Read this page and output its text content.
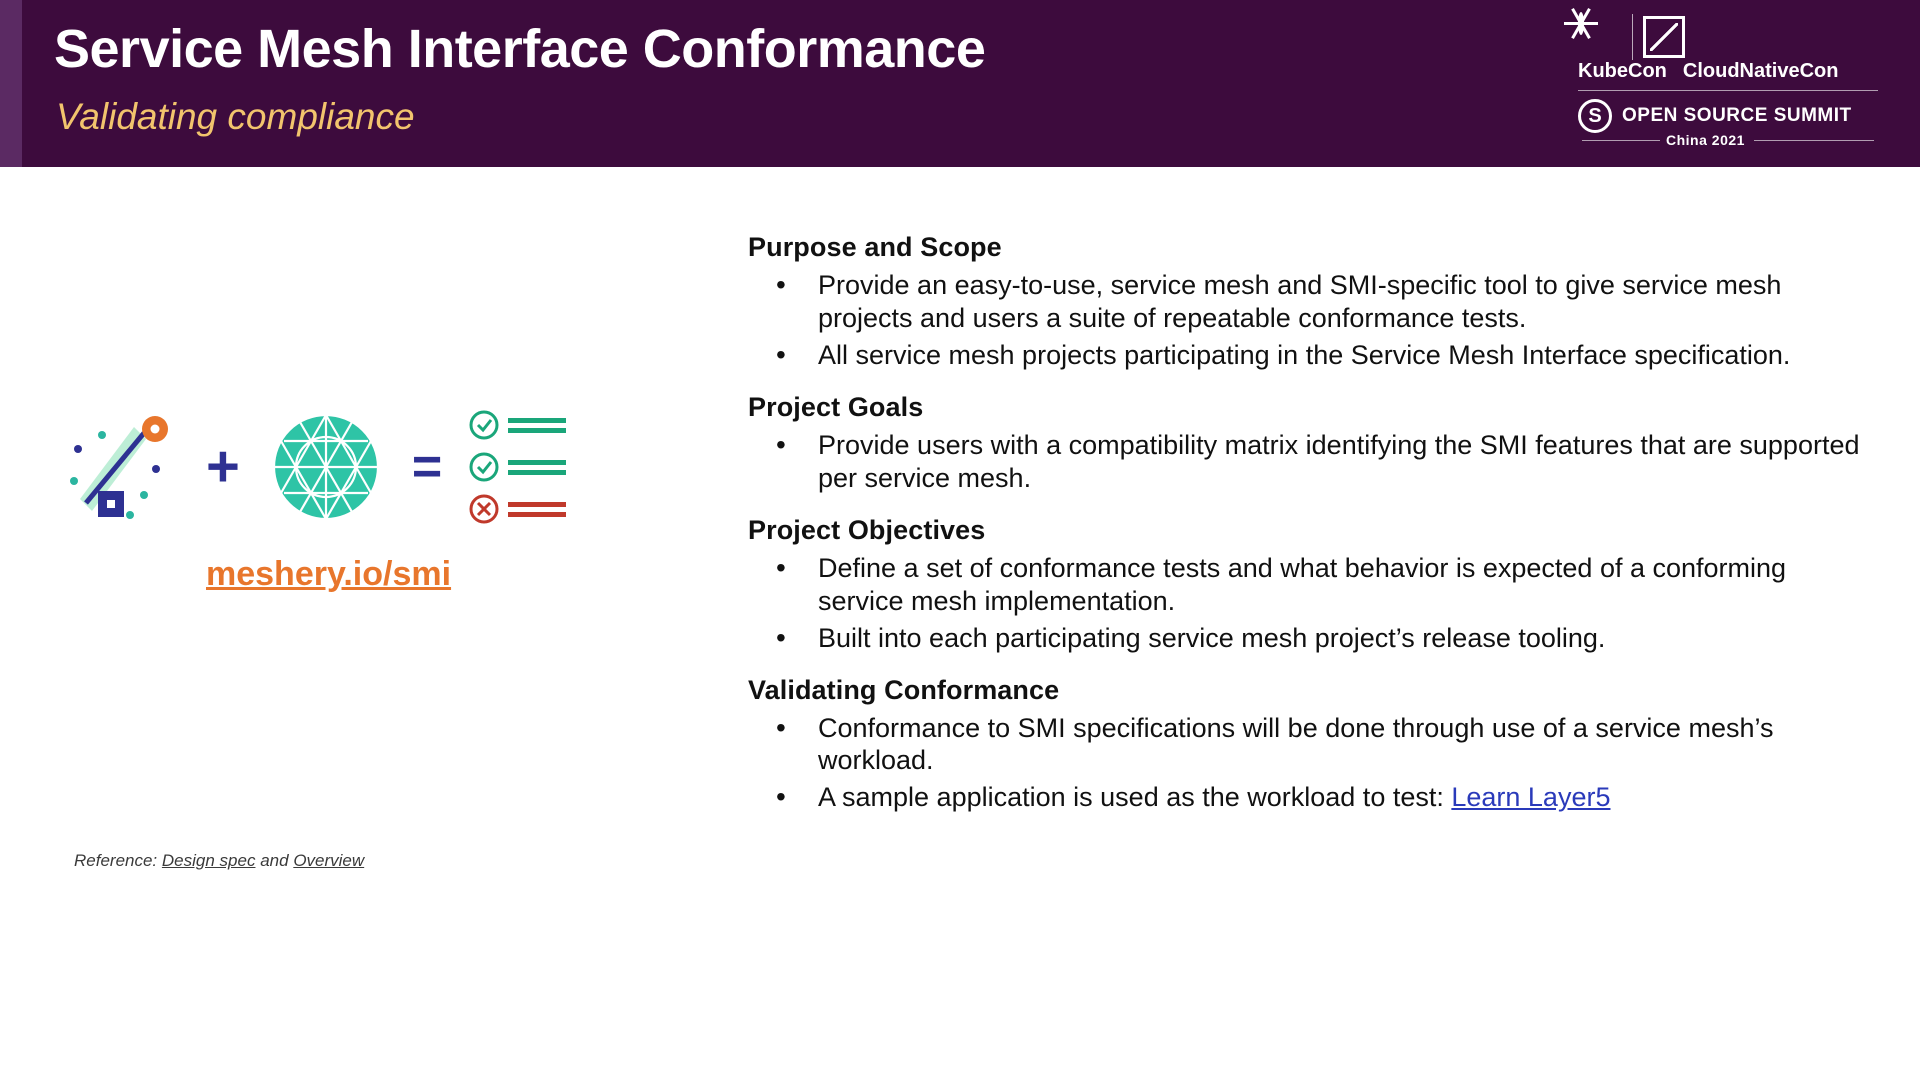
Service Mesh Interface Conformance
Validating compliance
KubeCon CloudNativeCon
S	OPEN SOURCE SUMMIT
China 2021
+	=
meshery.io/smi
Reference: Design spec and Overview
Purpose and Scope
• Provide an easy-to-use, service mesh and SMI-specific tool to give service mesh projects and users a suite of repeatable conformance tests.
• All service mesh projects participating in the Service Mesh Interface specification.
Project Goals
• Provide users with a compatibility matrix identifying the SMI features that are supported per service mesh.
Project Objectives
• Define a set of conformance tests and what behavior is expected of a conforming service mesh implementation.
• Built into each participating service mesh project’s release tooling.
Validating Conformance
• Conformance to SMI specifications will be done through use of a service mesh’s workload.
• A sample application is used as the workload to test: Learn Layer5
